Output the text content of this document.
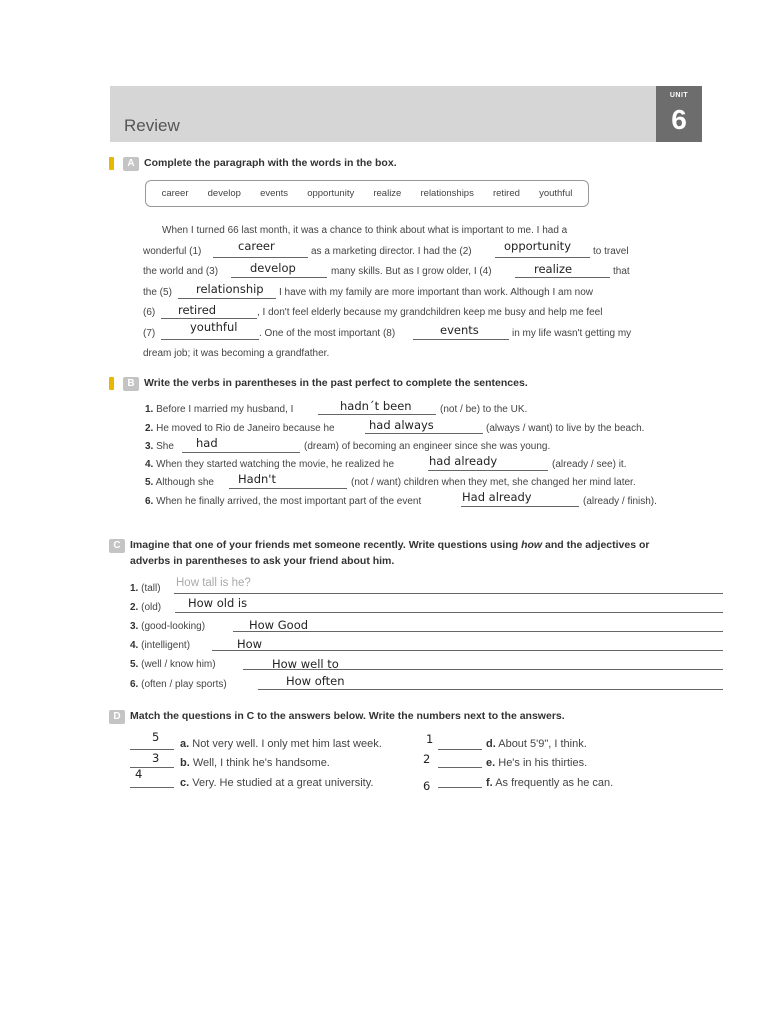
Review
UNIT
6
A Complete the paragraph with the words in the box.
career develop events opportunity realize relationships retired youthful
When I turned 66 last month, it was a chance to think about what is important to me. I had a
wonderful (1)	career	as a marketing director. I had the (2)	opportunity to travel
the world and (3)	develop	many skills. But as I grow older, I (4)	realize	that
the (5) relationship I have with my family are more important than work. Although I am now
(6) retired	, I don't feel elderly because my grandchildren keep me busy and help me feel
(7)	youthful . One of the most important (8)	events	in my life wasn't getting my
dream job; it was becoming a grandfather.
B Write the verbs in parentheses in the past perfect to complete the sentences.
1. Before I married my husband, I	hadn´t been	(not / be) to the UK.
2. He moved to Rio de Janeiro because he	had always	(always / want) to live by the beach.
3. She had	(dream) of becoming an engineer since she was young.
4. When they started watching the movie, he realized he	had already	(already / see) it.
5. Although she Hadn't	(not / want) children when they met, she changed her mind later.
6. When he finally arrived, the most important part of the event	Had already	(already / finish).
C Imagine that one of your friends met someone recently. Write questions using how and the adjectives or
adverbs in parentheses to ask your friend about him.
1. (tall) How tall is he?
2. (old) How old is
3. (good-looking)	How Good
4. (intelligent)	How
5. (well / know him)	How well to
6. (often / play sports)	How often
D Match the questions in C to the answers below. Write the numbers next to the answers.
5 a. Not very well. I only met him last week.
3 b. Well, I think he's handsome.
4
c. Very. He studied at a great university.
1	d. About 5'9", I think.
2	e. He's in his thirties.
6	f. As frequently as he can.
